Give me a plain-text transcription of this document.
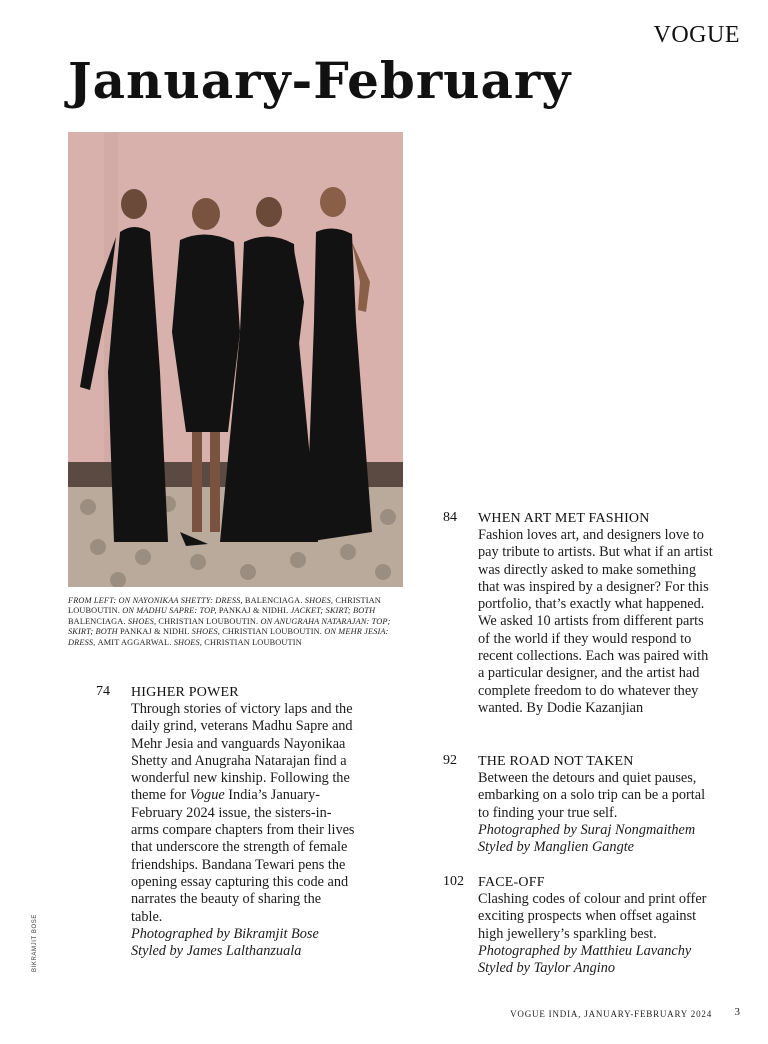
VOGUE
January-February
FROM LEFT: ON NAYONIKAA SHETTY: DRESS, BALENCIAGA. SHOES, CHRISTIAN LOUBOUTIN. ON MADHU SAPRE: TOP, PANKAJ & NIDHI. JACKET; SKIRT; BOTH BALENCIAGA. SHOES, CHRISTIAN LOUBOUTIN. ON ANUGRAHA NATARAJAN: TOP; SKIRT; BOTH PANKAJ & NIDHI. SHOES, CHRISTIAN LOUBOUTIN. ON MEHR JESIA: DRESS, AMIT AGGARWAL. SHOES, CHRISTIAN LOUBOUTIN
74 HIGHER POWER

Through stories of victory laps and the daily grind, veterans Madhu Sapre and Mehr Jesia and vanguards Nayonikaa Shetty and Anugraha Natarajan find a wonderful new kinship. Following the theme for Vogue India’s January-February 2024 issue, the sisters-in-arms compare chapters from their lives that underscore the strength of female friendships. Bandana Tewari pens the opening essay capturing this code and narrates the beauty of sharing the table.

Photographed by Bikramjit Bose

Styled by James Lalthanzuala

84 WHEN ART MET FASHION

Fashion loves art, and designers love to pay tribute to artists. But what if an artist was directly asked to make something that was inspired by a designer? For this portfolio, that’s exactly what happened. We asked 10 artists from different parts of the world if they would respond to recent collections. Each was paired with a particular designer, and the artist had complete freedom to do whatever they wanted. By Dodie Kazanjian

92 THE ROAD NOT TAKEN

Between the detours and quiet pauses, embarking on a solo trip can be a portal to finding your true self.

Photographed by Suraj Nongmaithem

Styled by Manglien Gangte

102 FACE-OFF

Clashing codes of colour and print offer exciting prospects when offset against high jewellery’s sparkling best.

Photographed by Matthieu Lavanchy

Styled by Taylor Angino

BIKRAMJIT BOSE
VOGUE INDIA, JANUARY-FEBRUARY 2024 3
